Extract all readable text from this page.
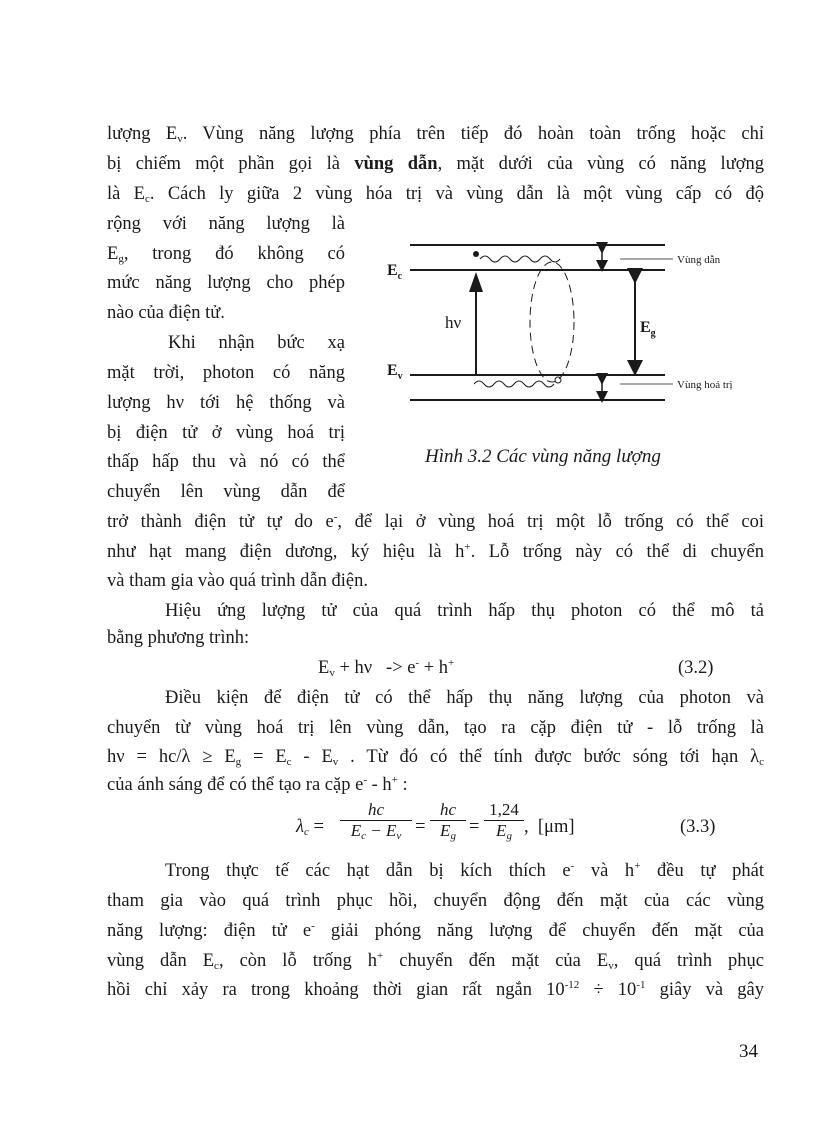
lượng $E_v$. Vùng năng lượng phía trên tiếp đó hoàn toàn trống hoặc chỉ
bị chiếm một phần gọi là vùng dẫn, mặt dưới của vùng có năng lượng
là $E_c$. Cách ly giữa 2 vùng hóa trị và vùng dẫn là một vùng cấp có độ
rộng với năng lượng là
$E_g$, trong đó không có
mức năng lượng cho phép
nào của điện tử.
Khi nhận bức xạ
mặt trời, photon có năng
lượng hν tới hệ thống và
bị điện tử ở vùng hoá trị
thấp hấp thu và nó có thể
chuyển lên vùng dẫn để
trở thành điện tử tự do e-, để lại ở vùng hoá trị một lỗ trống có thể coi
như hạt mang điện dương, ký hiệu là h+. Lỗ trống này có thể di chuyển
và tham gia vào quá trình dẫn điện.
Hiệu ứng lượng tử của quá trình hấp thụ photon có thể mô tả
bằng phương trình:
$E_v + h\nu -> e^- + h^+$	(3.2)
Điều kiện để điện tử có thể hấp thụ năng lượng của photon và
chuyển từ vùng hoá trị lên vùng dẫn, tạo ra cặp điện tử - lỗ trống là
$h\nu = hc/\lambda \ge E_g = E_c - E_v$ . Từ đó có thể tính được bước sóng tới hạn $\lambda_c$
của ánh sáng để có thể tạo ra cặp e- - h+ :
$\lambda_c = \frac{hc}{E_c - E_v} = \frac{hc}{E_g} = \frac{1,24}{E_g}$ ,  [μm]	(3.3)
Trong thực tế các hạt dẫn bị kích thích e- và h+ đều tự phát
tham gia vào quá trình phục hồi, chuyển động đến mặt của các vùng
năng lượng: điện tử e- giải phóng năng lượng để chuyển đến mặt của
vùng dẫn $E_c$, còn lỗ trống h+ chuyển đến mặt của $E_v$, quá trình phục
hồi chỉ xảy ra trong khoảng thời gian rất ngắn $10^{-12} \div 10^{-1}$ giây và gây
$E_c$
$E_v$
hν	$E_g$
Vùng dẫn
Vùng hoá trị
Hình 3.2 Các vùng năng lượng
34
